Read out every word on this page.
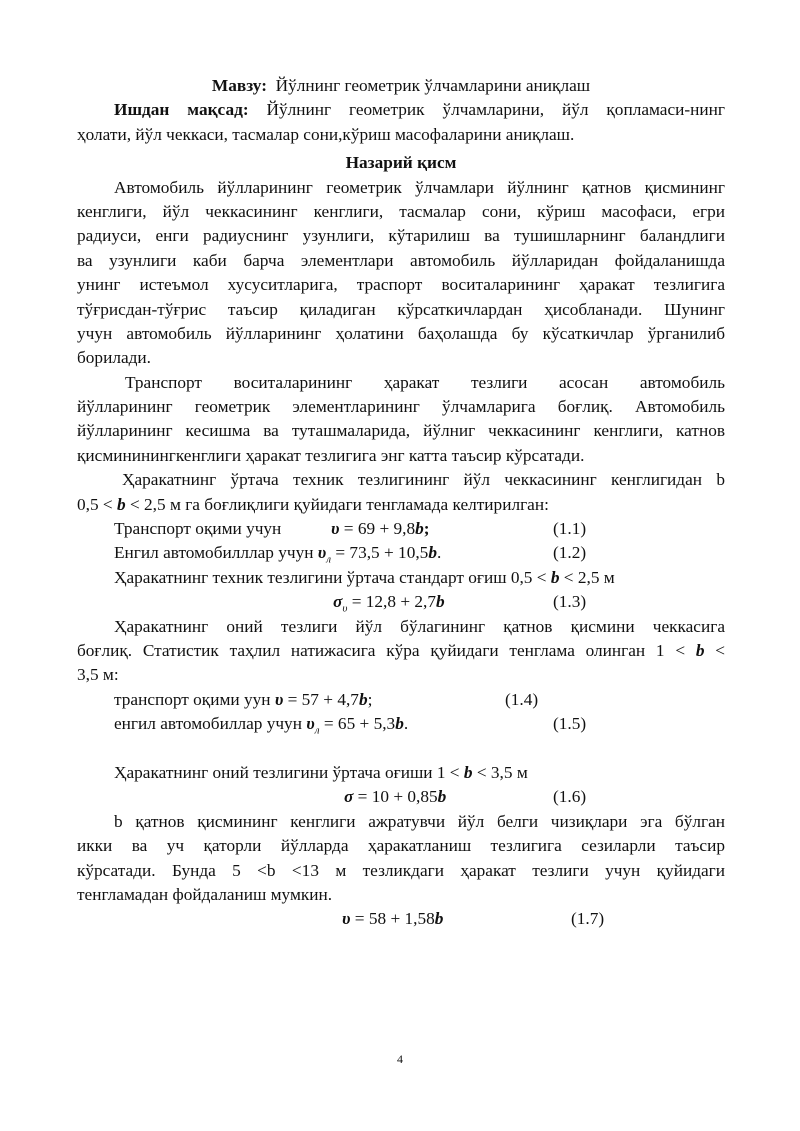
Мавзу: Йўлнинг геометрик ўлчамларини аниқлаш
Ишдан мақсад: Йўлнинг геометрик ўлчамларини, йўл қопламаси-нинг
ҳолати, йўл чеккаси, тасмалар сони,кўриш масофаларини аниқлаш.
Назарий қисм
Автомобиль йўлларининг геометрик ўлчамлари йўлнинг қатнов қисмининг
кенглиги, йўл чеккасининг кенглиги, тасмалар сони, кўриш масофаси, егри
радиуси, енги радиуснинг узунлиги, кўтарилиш ва тушишларнинг баландлиги
ва узунлиги каби барча элементлари автомобиль йўлларидан фойдаланишда
унинг истеъмол хусуситларига, траспорт воситаларининг ҳаракат тезлигига
тўғрисдан-тўғрис таъсир қиладиган кўрсаткичлардан ҳисобланади. Шунинг
учун автомобиль йўлларининг ҳолатини баҳолашда бу кўсаткичлар ўрганилиб
борилади.
Транспорт воситаларининг ҳаракат тезлиги асосан автомобиль
йўлларининг геометрик элементларининг ўлчамларига боғлиқ. Автомобиль
йўлларининг кесишма ва туташмаларида, йўлниг чеккасининг кенглиги, катнов
қисмининингкенглиги ҳаракат тезлигига энг катта таъсир кўрсатади.
Ҳаракатнинг ўртача техник тезлигининг йўл чеккасининг кенглигидан b
0,5 < b < 2,5 м га боғлиқлиги қуйидаги тенгламада келтирилган:
Транспорт оқими учун	υ = 69 + 9,8b;	(1.1)
Енгил автомобилллар учун $\upsilon_л = 73,5 + 10,5b$.	(1.2)
Ҳаракатнинг техник тезлигини ўртача стандарт оғиш 0,5 < b < 2,5 м
$\sigma_\upsilon = 12,8 + 2,7b$	(1.3)
Ҳаракатнинг оний тезлиги йўл бўлагининг қатнов қисмини чеккасига
боғлиқ. Статистик таҳлил натижасига кўра қуйидаги тенглама олинган 1 < b <
3,5 м:
транспорт оқими уун υ = 57 + 4,7b;	(1.4)
енгил автомобиллар учун $\upsilon_л = 65 + 5,3b$.	(1.5)
Ҳаракатнинг оний тезлигини ўртача оғиши 1 < b < 3,5 м
σ = 10 + 0,85b	(1.6)
b қатнов қисмининг кенглиги ажратувчи йўл белги чизиқлари эга бўлган
икки ва уч қаторли йўлларда ҳаракатланиш тезлигига сезиларли таъсир
кўрсатади. Бунда 5 <b <13 м тезликдаги ҳаракат тезлиги учун қуйидаги
тенгламадан фойдаланиш мумкин.
υ = 58 + 1,58b	(1.7)
4
